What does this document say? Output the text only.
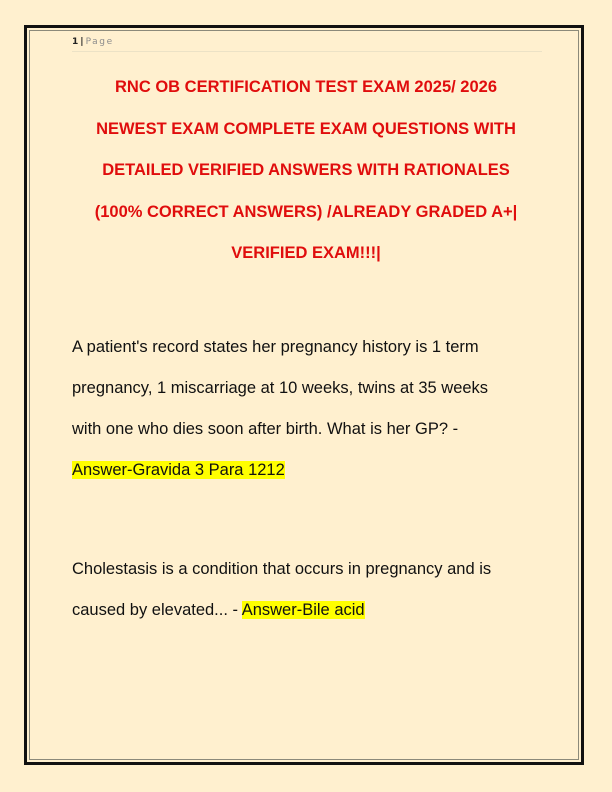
1 | Page
RNC OB CERTIFICATION TEST EXAM 2025/ 2026
NEWEST EXAM COMPLETE EXAM QUESTIONS WITH
DETAILED VERIFIED ANSWERS WITH RATIONALES
(100% CORRECT ANSWERS) /ALREADY GRADED A+|
VERIFIED EXAM!!!|
A patient's record states her pregnancy history is 1 term
pregnancy, 1 miscarriage at 10 weeks, twins at 35 weeks
with one who dies soon after birth. What is her GP? -
Answer-Gravida 3 Para 1212
Cholestasis is a condition that occurs in pregnancy and is
caused by elevated... - Answer-Bile acid
